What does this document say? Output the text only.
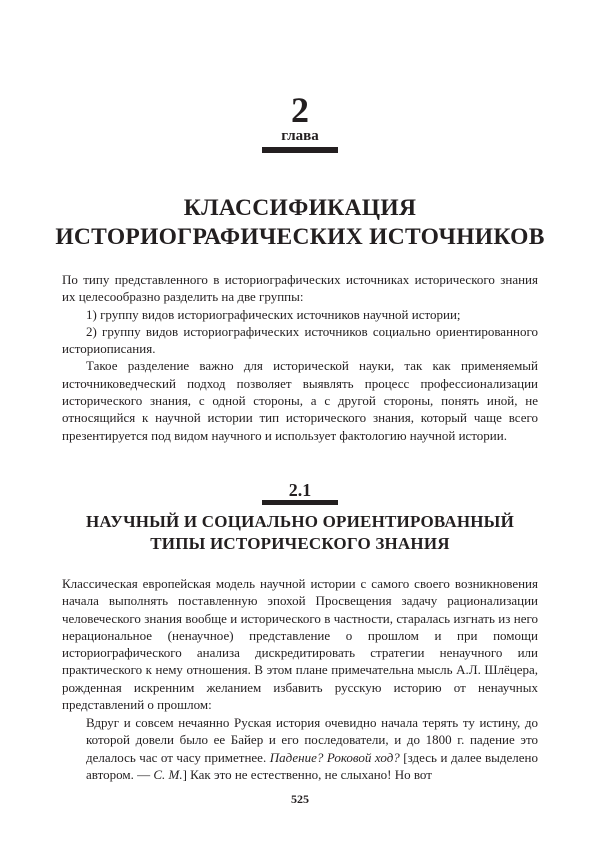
2
глава
КЛАССИФИКАЦИЯ
ИСТОРИОГРАФИЧЕСКИХ ИСТОЧНИКОВ

По типу представленного в историографических источниках исторического знания их целесообразно разделить на две группы:

1) группу видов историографических источников научной истории;

2) группу видов историографических источников социально ориентированного историописания.

Такое разделение важно для исторической науки, так как применяемый источниковедческий подход позволяет выявлять процесс профессионализации исторического знания, с одной стороны, а с другой стороны, понять иной, не относящийся к научной истории тип исторического знания, который чаще всего презентируется под видом научного и использует фактологию научной истории.

2.1
НАУЧНЫЙ И СОЦИАЛЬНО ОРИЕНТИРОВАННЫЙ
ТИПЫ ИСТОРИЧЕСКОГО ЗНАНИЯ

Классическая европейская модель научной истории с самого своего возникновения начала выполнять поставленную эпохой Просвещения задачу рационализации человеческого знания вообще и исторического в частности, старалась изгнать из него нерациональное (ненаучное) представление о прошлом и при помощи историографического анализа дискредитировать стратегии ненаучного или практического к нему отношения. В этом плане примечательна мысль А.Л. Шлёцера, рожденная искренним желанием избавить русскую историю от ненаучных представлений о прошлом:

Вдруг и совсем нечаянно Руская история очевидно начала терять ту истину, до которой довели было ее Байер и его последователи, и до 1800 г. падение это делалось час от часу приметнее. Падение? Роковой ход? [здесь и далее выделено автором. — С. М.] Как это не естественно, не слыхано! Но вот

525
